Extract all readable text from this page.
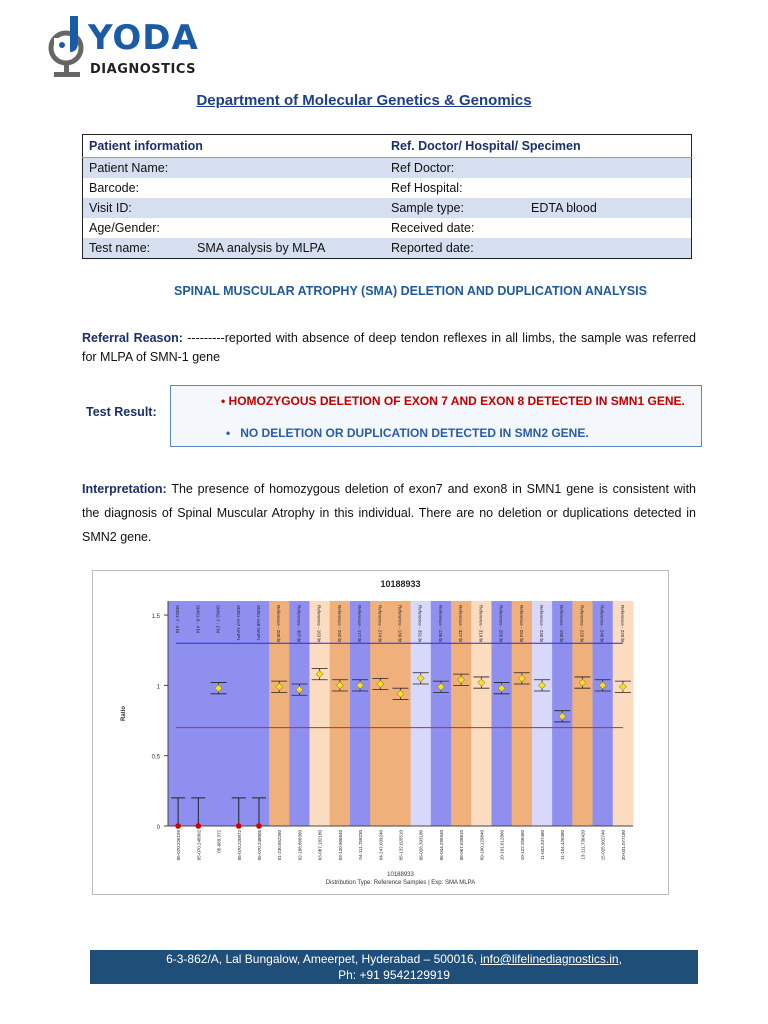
YODA
DIAGNOSTICS
Department of Molecular Genetics & Genomics
Patient information	Ref. Doctor/ Hospital/ Specimen	
Patient Name:	Ref Doctor:	
Barcode:	Ref Hospital:	
Visit ID:	Sample type:	EDTA blood
Age/Gender:	Received date:	
Test name: SMA analysis by MLPA	Reported date:	
SPINAL MUSCULAR ATROPHY (SMA) DELETION AND DUPLICATION ANALYSIS
Referral Reason: ---------reported with absence of deep tendon reflexes in all limbs, the sample was referred for MLPA of SMN-1 gene
Test Result:
• HOMOZYGOUS DELETION OF EXON 7 AND EXON 8 DETECTED IN SMN1 GENE.
•   NO DELETION OR DUPLICATION DETECTED IN SMN2 GENE.
Interpretation: The presence of homozygous deletion of exon7 and exon8 in SMN1 gene is consistent with the diagnosis of Spinal Muscular Atrophy in this individual. There are no deletion or duplications detected in SMN2 gene.
0
0.5
1
1.5
Ratio
10188933
SMN1-7 - 4 bt
05-070.226199
SMN1-8 - 4 bt
05-070.248902
SMN2-7 - 2 bt
05-069.372
SMN1-ex7 NAIP1
05-070.220972
SMN1-ex8 NAIP1
05-070.248005
Reference - 200 bt
01-230.852260
Reference - 307 bt
02-188.868360
Reference - 163 bt
03-087.182180
Reference - 292 bt
03-120.906840
Reference - 177 bt
04-111.758230
Reference - 274 bt
04-147.039240
Reference - 139 bt
05-132.025510
Reference - 391 bt
06-028.393180
Reference - 136 bt
06-044.295940
Reference - 327 bt
08-067.628810
Reference - 319 bt
09-100.129840
Reference - 256 bt
10-101.612860
Reference - 264 bt
10-122.258460
Reference - 230 bt
11-033.337480
Reference - 190 bt
11-104.428380
Reference - 229 bt
13-111.736420
Reference - 240 bt
15-025.902740
Reference - 220 bt
20-031.077180
10188933
Distribution Type: Reference Samples | Exp: SMA MLPA
6-3-862/A, Lal Bungalow, Ameerpet, Hyderabad – 500016, info@lifelinediagnostics.in,
Ph: +91 9542129919
